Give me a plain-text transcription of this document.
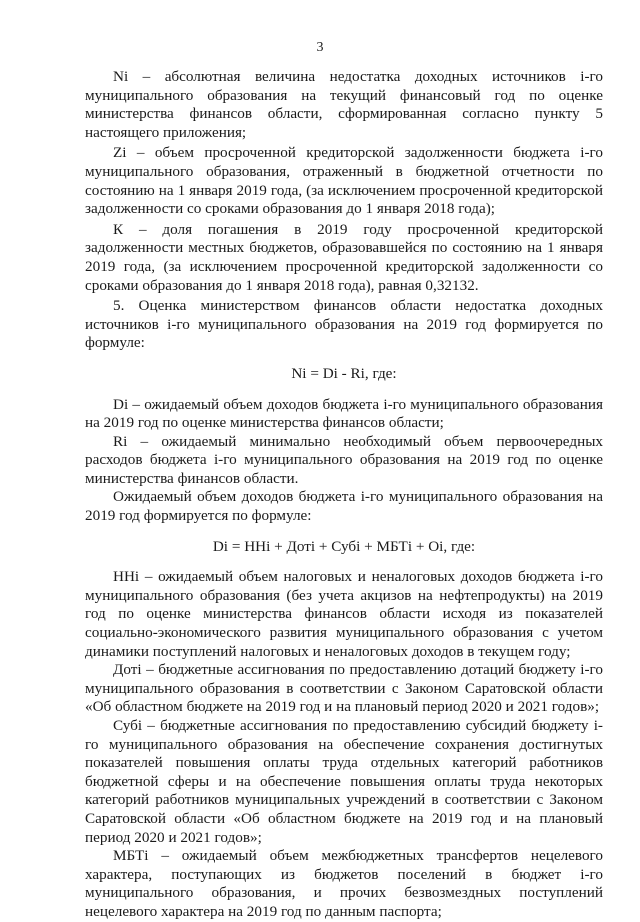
3

Ni – абсолютная величина недостатка доходных источников i-го муниципального образования на текущий финансовый год по оценке министерства финансов области, сформированная согласно пункту 5 настоящего приложения;

Zi – объем просроченной кредиторской задолженности бюджета i-го муниципального образования, отраженный в бюджетной отчетности по состоянию на 1 января 2019 года, (за исключением просроченной кредиторской задолженности со сроками образования до 1 января 2018 года);

К – доля погашения в 2019 году просроченной кредиторской задолженности местных бюджетов, образовавшейся по состоянию на 1 января 2019 года, (за исключением просроченной кредиторской задолженности со сроками образования до 1 января 2018 года), равная 0,32132.

5. Оценка министерством финансов области недостатка доходных источников i-го муниципального образования на 2019 год формируется по формуле:

Ni = Di - Ri, где:

Di – ожидаемый объем доходов бюджета i-го муниципального образования на 2019 год по оценке министерства финансов области;

Ri – ожидаемый минимально необходимый объем первоочередных расходов бюджета i-го муниципального образования на 2019 год по оценке министерства финансов области.

Ожидаемый объем доходов бюджета i-го муниципального образования на 2019 год формируется по формуле:

Di = ННi + Дотi + Субi + МБТi + Оi, где:

ННi – ожидаемый объем налоговых и неналоговых доходов бюджета i-го муниципального образования (без учета акцизов на нефтепродукты) на 2019 год по оценке министерства финансов области исходя из показателей социально-экономического развития муниципального образования с учетом динамики поступлений налоговых и неналоговых доходов в текущем году;

Дотi – бюджетные ассигнования по предоставлению дотаций бюджету i-го муниципального образования в соответствии с Законом Саратовской области «Об областном бюджете на 2019 год и на плановый период 2020 и 2021 годов»;

Субi – бюджетные ассигнования по предоставлению субсидий бюджету i-го муниципального образования на обеспечение сохранения достигнутых показателей повышения оплаты труда отдельных категорий работников бюджетной сферы и на обеспечение повышения оплаты труда некоторых категорий работников муниципальных учреждений в соответствии с Законом Саратовской области «Об областном бюджете на 2019 год и на плановый период 2020 и 2021 годов»;

МБТi – ожидаемый объем межбюджетных трансфертов нецелевого характера, поступающих из бюджетов поселений в бюджет i-го муниципального образования, и прочих безвозмездных поступлений нецелевого характера на 2019 год по данным паспорта;
